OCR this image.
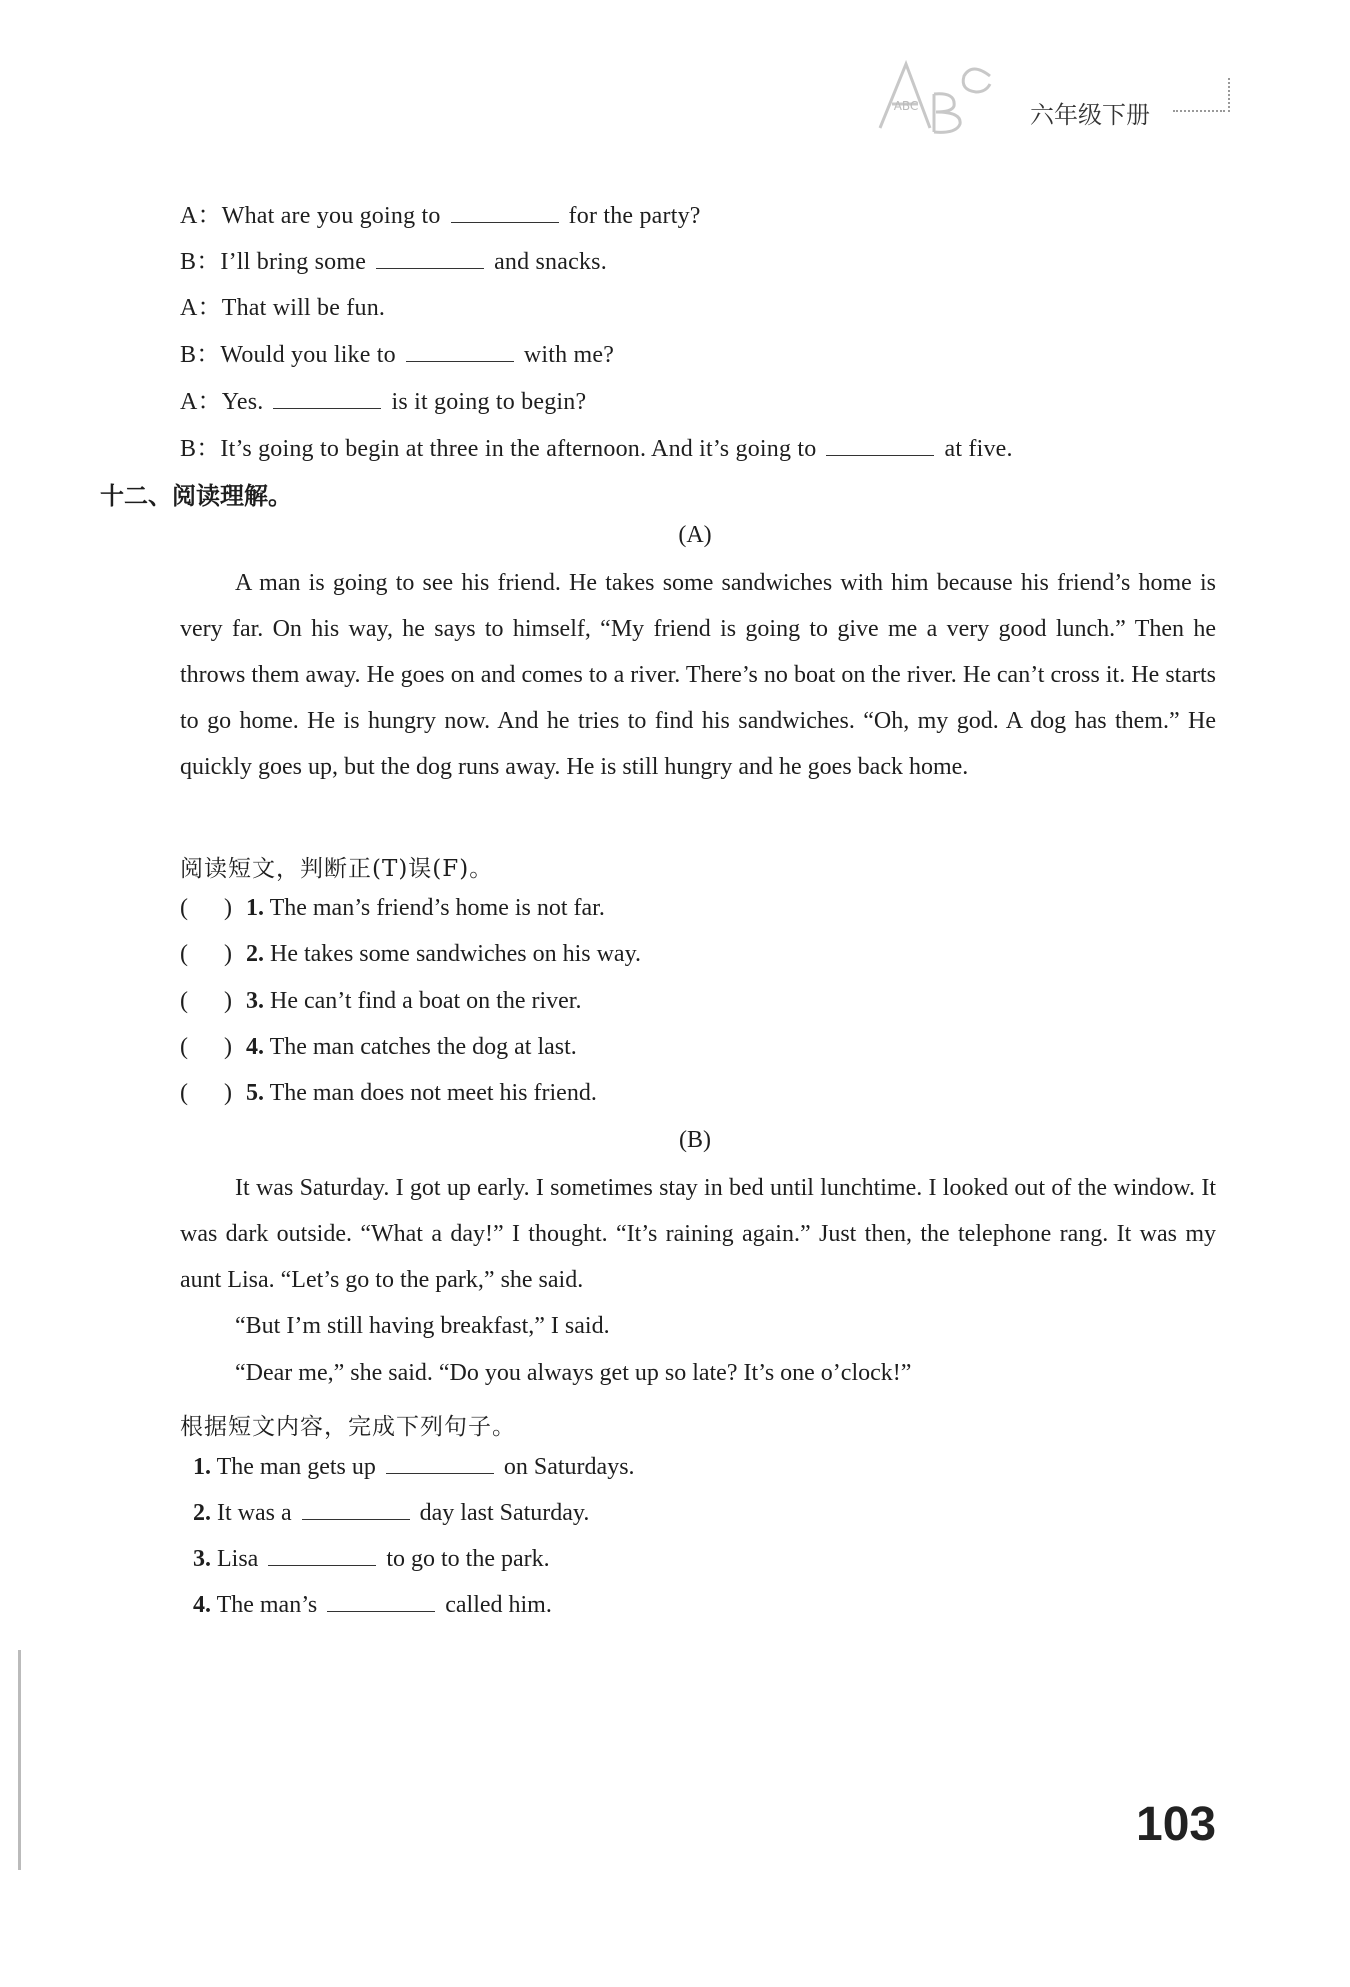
ABC	六年级下册
A：What are you going to	for the party?
B：I’ll bring some	and snacks.
A：That will be fun.
B：Would you like to	with me?
A：Yes.	is it going to begin?
B：It’s going to begin at three in the afternoon. And it’s going to	at five.
十二、阅读理解。
(A)

A man is going to see his friend. He takes some sandwiches with him because his friend’s home is very far. On his way, he says to himself, “My friend is going to give me a very good lunch.” Then he throws them away. He goes on and comes to a river. There’s no boat on the river. He can’t cross it. He starts to go home. He is hungry now. And he tries to find his sandwiches. “Oh, my god. A dog has them.” He quickly goes up, but the dog runs away. He is still hungry and he goes back home.

阅读短文，判断正(T)误(F)。
(      ) 1. The man’s friend’s home is not far.
(      ) 2. He takes some sandwiches on his way.
(      ) 3. He can’t find a boat on the river.
(      ) 4. The man catches the dog at last.
(      ) 5. The man does not meet his friend.
(B)

It was Saturday. I got up early. I sometimes stay in bed until lunchtime. I looked out of the window. It was dark outside. “What a day!” I thought. “It’s raining again.” Just then, the telephone rang. It was my aunt Lisa. “Let’s go to the park,” she said.

“But I’m still having breakfast,” I said.
“Dear me,” she said. “Do you always get up so late? It’s one o’clock!”
根据短文内容，完成下列句子。
1. The man gets up	on Saturdays.
2. It was a	day last Saturday.
3. Lisa	to go to the park.
4. The man’s	called him.
103
